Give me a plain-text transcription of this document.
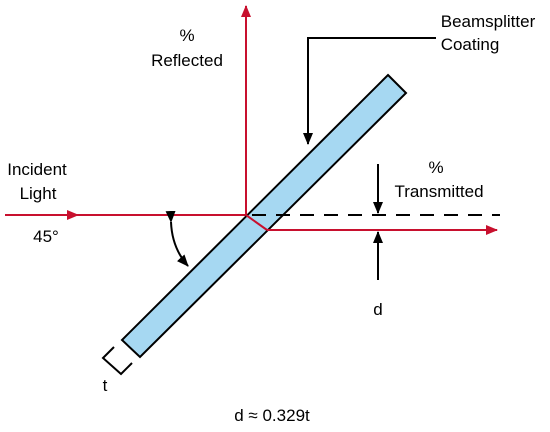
%
Reflected
Beamsplitter
Coating
Incident
Light
45°
%
Transmitted
d
t
d ≈ 0.329t
